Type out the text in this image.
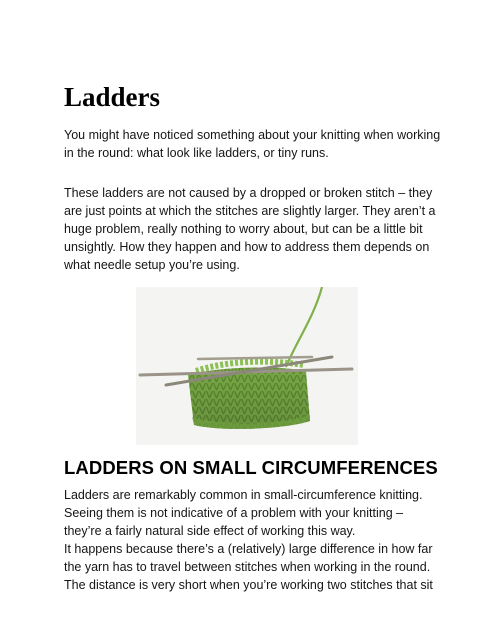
Ladders

You might have noticed something about your knitting when working in the round: what look like ladders, or tiny runs.

These ladders are not caused by a dropped or broken stitch – they are just points at which the stitches are slightly larger. They aren’t a huge problem, really nothing to worry about, but can be a little bit unsightly. How they happen and how to address them depends on what needle setup you’re using.

LADDERS ON SMALL CIRCUMFERENCES

Ladders are remarkably common in small-circumference knitting. Seeing them is not indicative of a problem with your knitting – they’re a fairly natural side effect of working this way.

It happens because there’s a (relatively) large difference in how far the yarn has to travel between stitches when working in the round. The distance is very short when you’re working two stitches that sit
